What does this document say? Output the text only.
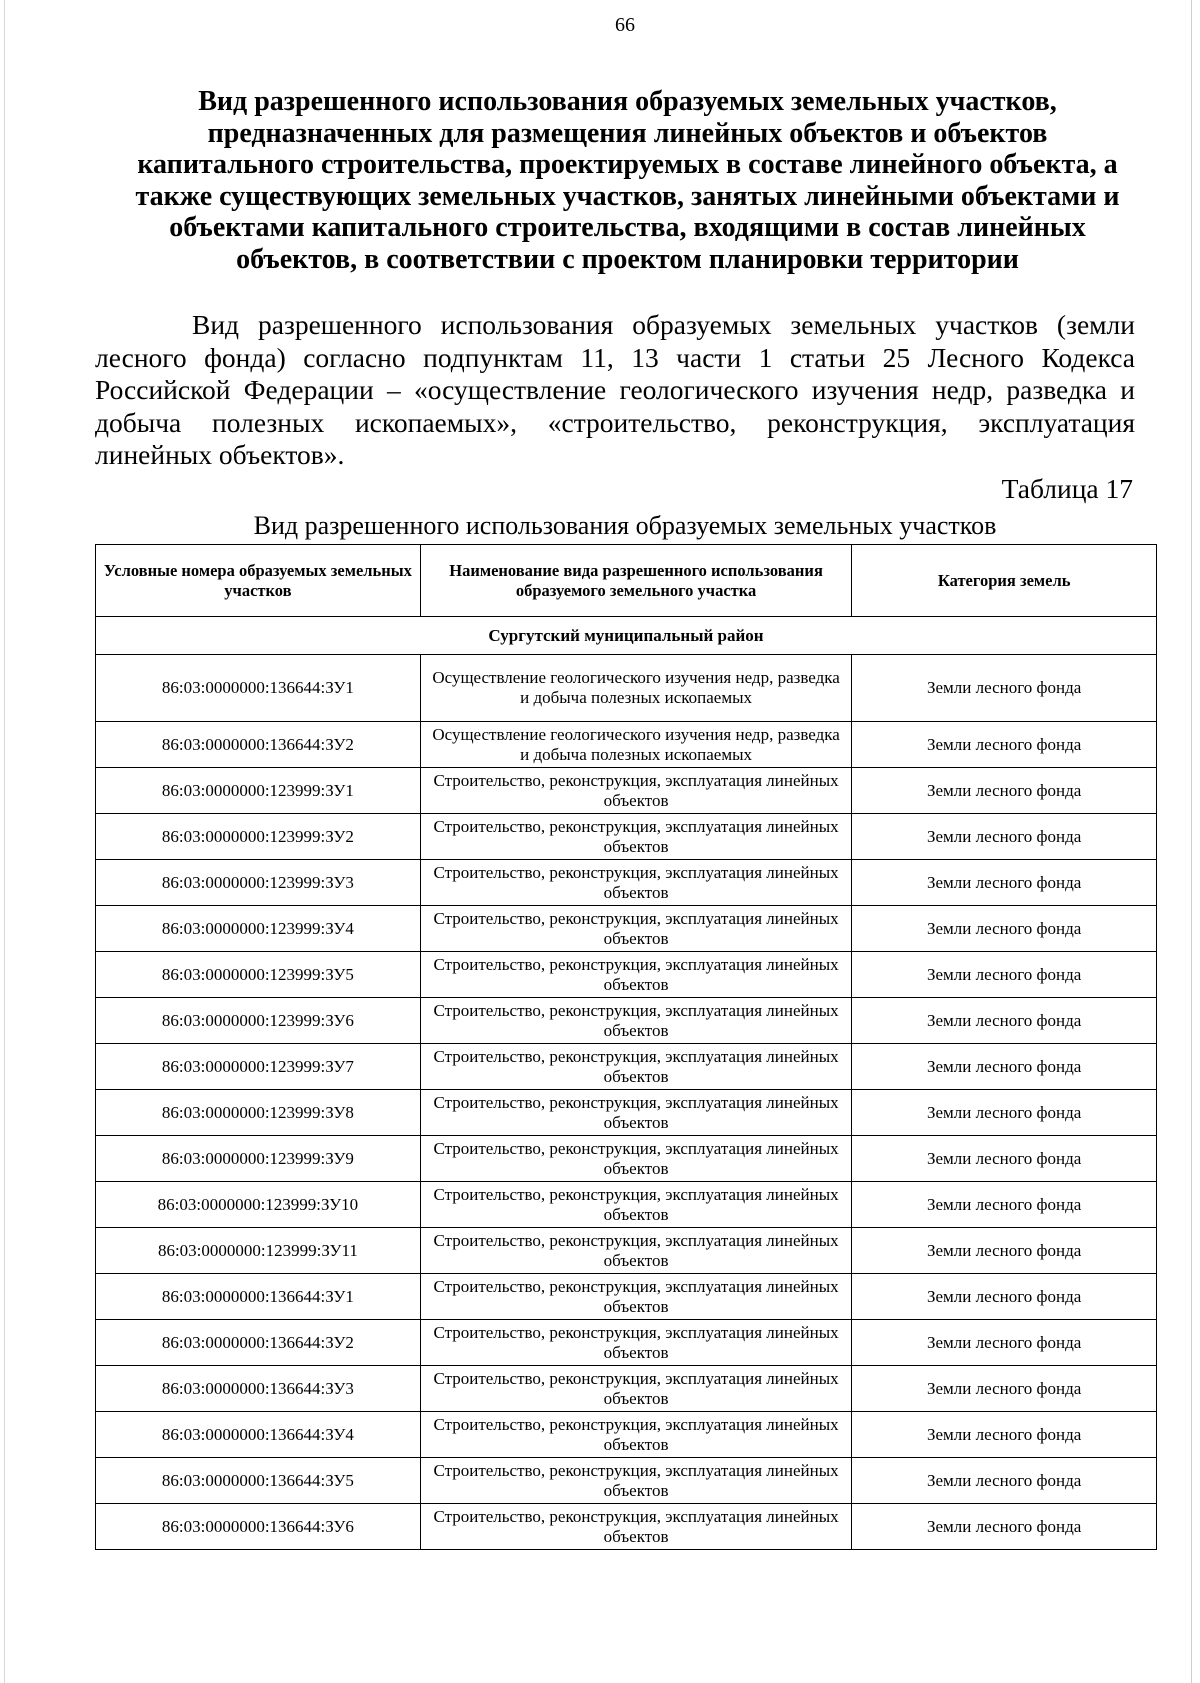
66
Вид разрешенного использования образуемых земельных участков,
предназначенных для размещения линейных объектов и объектов
капитального строительства, проектируемых в составе линейного объекта, а
также существующих земельных участков, занятых линейными объектами и
объектами капитального строительства, входящими в состав линейных
объектов, в соответствии с проектом планировки территории

Вид разрешенного использования образуемых земельных участков (земли лесного фонда) согласно подпунктам 11, 13 части 1 статьи 25 Лесного Кодекса Российской Федерации – «осуществление геологического изучения недр, разведка и добыча полезных ископаемых», «строительство, реконструкция, эксплуатация линейных объектов».

Таблица 17
Вид разрешенного использования образуемых земельных участков
Условные номера образуемых земельных участков	Наименование вида разрешенного использования образуемого земельного участка	Категория земель
Сургутский муниципальный район		
86:03:0000000:136644:ЗУ1	Осуществление геологического изучения недр, разведка и добыча полезных ископаемых	Земли лесного фонда
86:03:0000000:136644:ЗУ2	Осуществление геологического изучения недр, разведка и добыча полезных ископаемых	Земли лесного фонда
86:03:0000000:123999:ЗУ1	Строительство, реконструкция, эксплуатация линейных объектов	Земли лесного фонда
86:03:0000000:123999:ЗУ2	Строительство, реконструкция, эксплуатация линейных объектов	Земли лесного фонда
86:03:0000000:123999:ЗУ3	Строительство, реконструкция, эксплуатация линейных объектов	Земли лесного фонда
86:03:0000000:123999:ЗУ4	Строительство, реконструкция, эксплуатация линейных объектов	Земли лесного фонда
86:03:0000000:123999:ЗУ5	Строительство, реконструкция, эксплуатация линейных объектов	Земли лесного фонда
86:03:0000000:123999:ЗУ6	Строительство, реконструкция, эксплуатация линейных объектов	Земли лесного фонда
86:03:0000000:123999:ЗУ7	Строительство, реконструкция, эксплуатация линейных объектов	Земли лесного фонда
86:03:0000000:123999:ЗУ8	Строительство, реконструкция, эксплуатация линейных объектов	Земли лесного фонда
86:03:0000000:123999:ЗУ9	Строительство, реконструкция, эксплуатация линейных объектов	Земли лесного фонда
86:03:0000000:123999:ЗУ10	Строительство, реконструкция, эксплуатация линейных объектов	Земли лесного фонда
86:03:0000000:123999:ЗУ11	Строительство, реконструкция, эксплуатация линейных объектов	Земли лесного фонда
86:03:0000000:136644:ЗУ1	Строительство, реконструкция, эксплуатация линейных объектов	Земли лесного фонда
86:03:0000000:136644:ЗУ2	Строительство, реконструкция, эксплуатация линейных объектов	Земли лесного фонда
86:03:0000000:136644:ЗУ3	Строительство, реконструкция, эксплуатация линейных объектов	Земли лесного фонда
86:03:0000000:136644:ЗУ4	Строительство, реконструкция, эксплуатация линейных объектов	Земли лесного фонда
86:03:0000000:136644:ЗУ5	Строительство, реконструкция, эксплуатация линейных объектов	Земли лесного фонда
86:03:0000000:136644:ЗУ6	Строительство, реконструкция, эксплуатация линейных объектов	Земли лесного фонда
